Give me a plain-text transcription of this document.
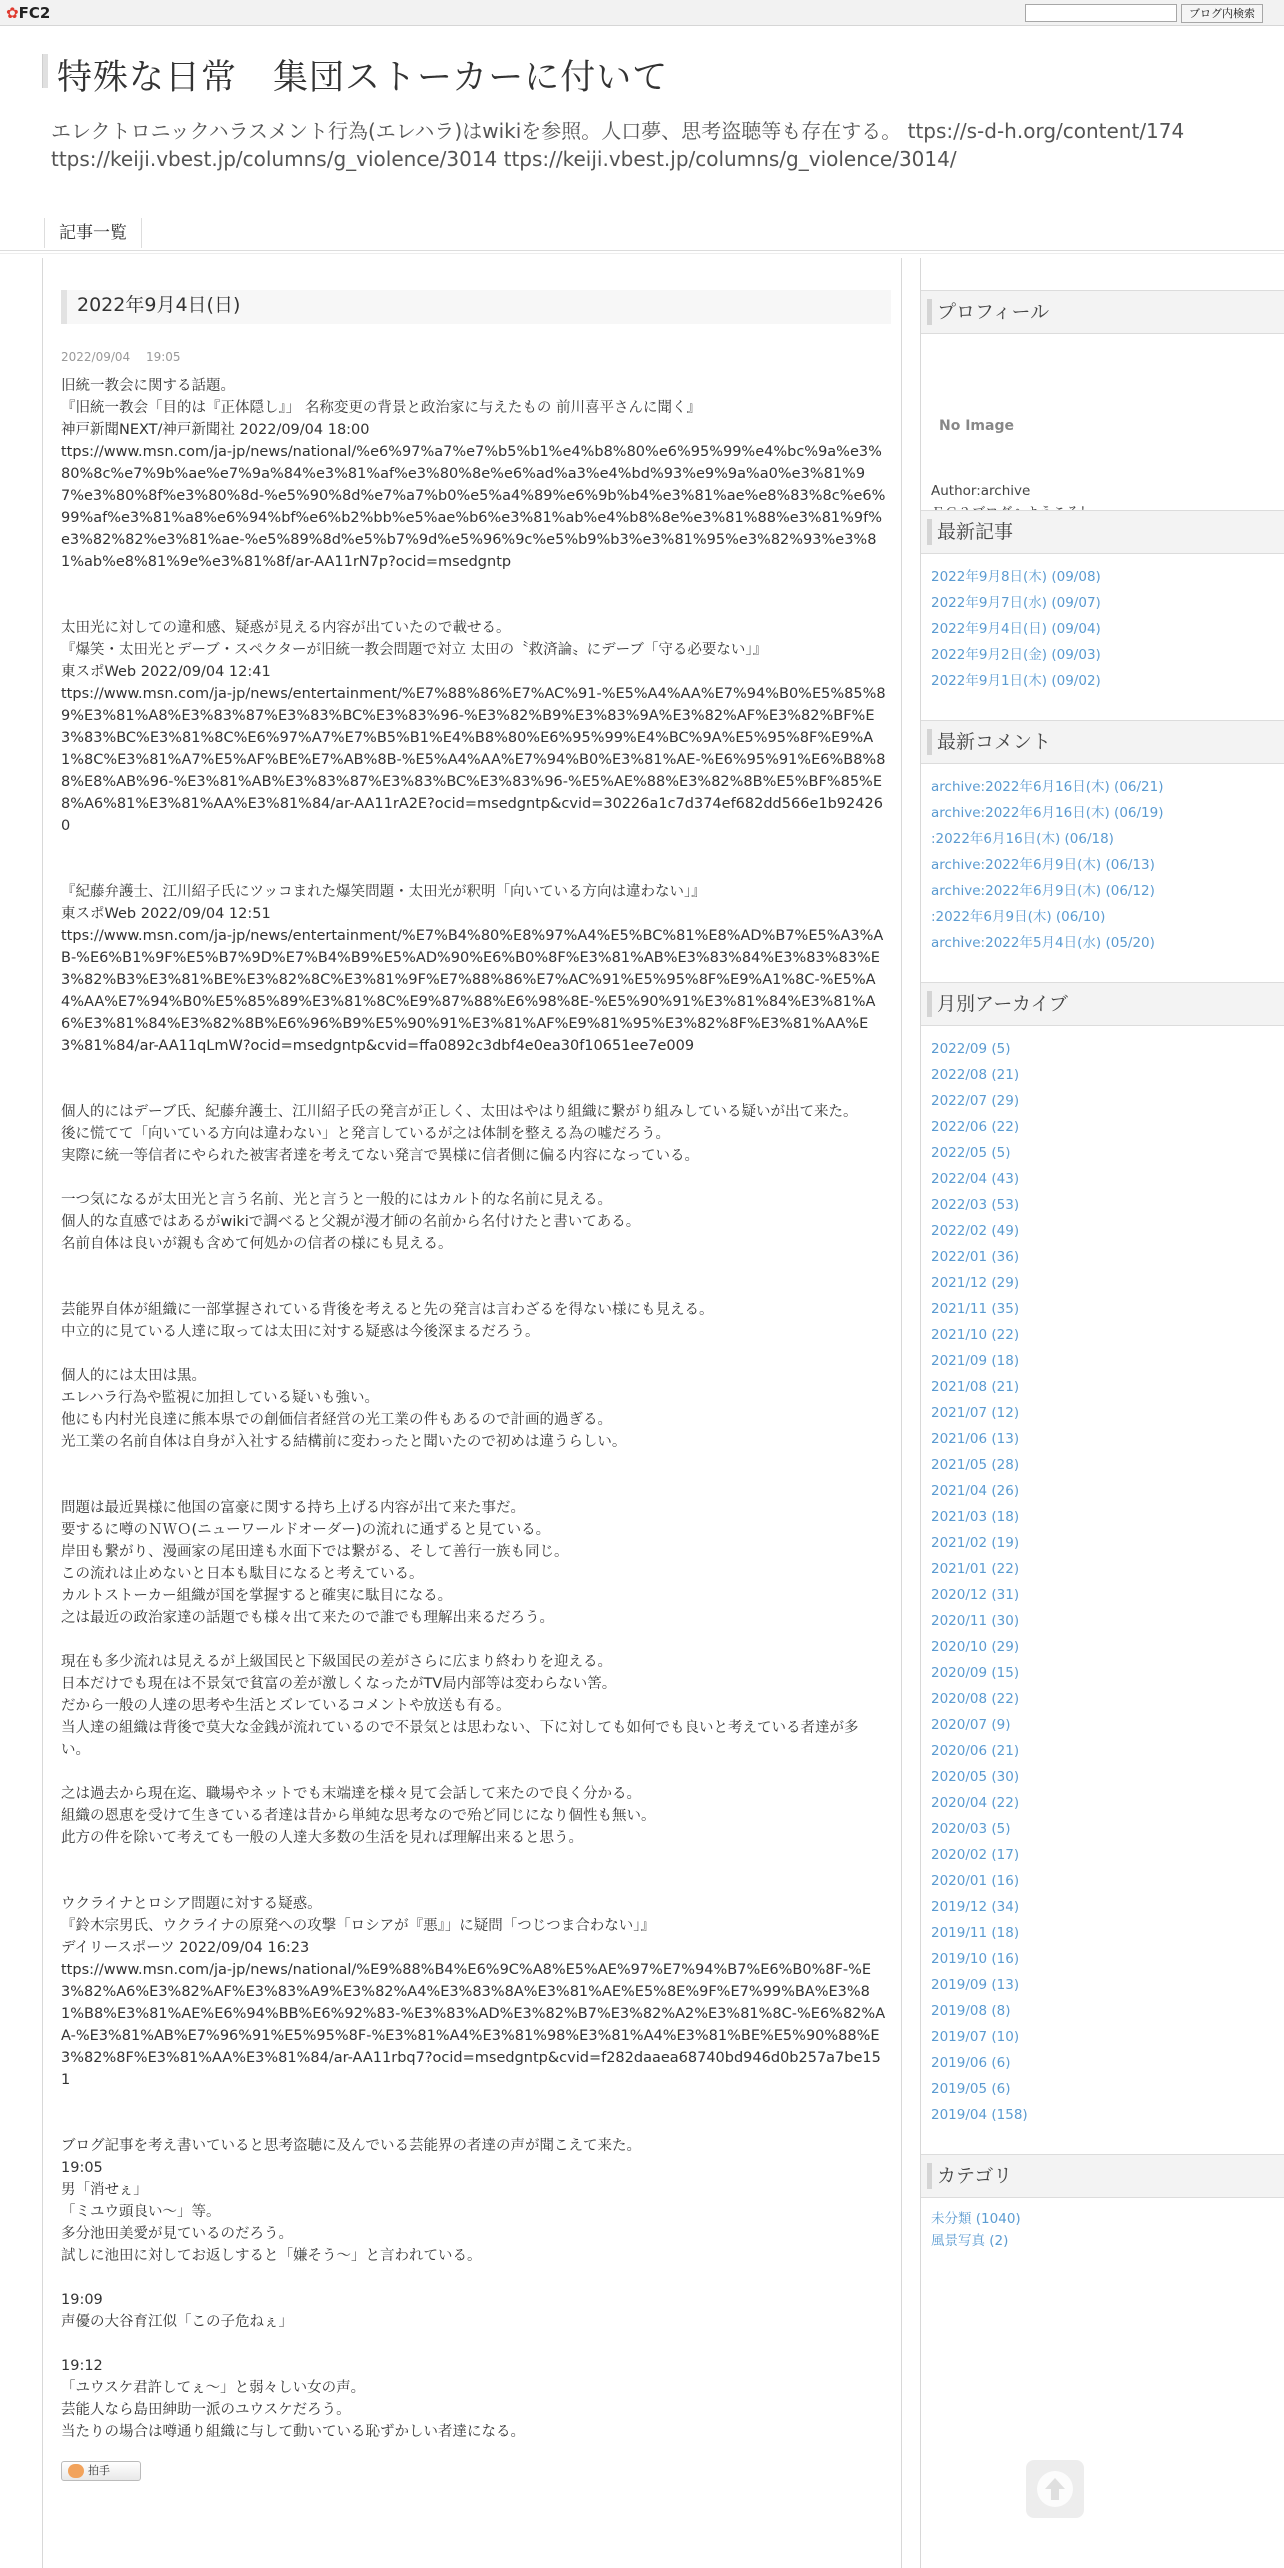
✿FC2	ブログ内検索
特殊な日常　集団ストーカーに付いて
エレクトロニックハラスメント行為(エレハラ)はwikiを参照。人口夢、思考盗聴等も存在する。 ttps://s-d-h.org/content/174
ttps://keiji.vbest.jp/columns/g_violence/3014 ttps://keiji.vbest.jp/columns/g_violence/3014/
記事一覧
2022年9月4日(日)
2022/09/04　 19:05

旧統一教会に関する話題。

『旧統一教会「目的は『正体隠し』」 名称変更の背景と政治家に与えたもの 前川喜平さんに聞く』

神戸新聞NEXT/神戸新聞社 2022/09/04 18:00

ttps://www.msn.com/ja-jp/news/national/%e6%97%a7%e7%b5%b1%e4%b8%80%e6%95%99%e4%bc%9a%e3%80%8c%e7%9b%ae%e7%9a%84%e3%81%af%e3%80%8e%e6%ad%a3%e4%bd%93%e9%9a%a0%e3%81%97%e3%80%8f%e3%80%8d-%e5%90%8d%e7%a7%b0%e5%a4%89%e6%9b%b4%e3%81%ae%e8%83%8c%e6%99%af%e3%81%a8%e6%94%bf%e6%b2%bb%e5%ae%b6%e3%81%ab%e4%b8%8e%e3%81%88%e3%81%9f%e3%82%82%e3%81%ae-%e5%89%8d%e5%b7%9d%e5%96%9c%e5%b9%b3%e3%81%95%e3%82%93%e3%81%ab%e8%81%9e%e3%81%8f/ar-AA11rN7p?ocid=msedgntp

太田光に対しての違和感、疑惑が見える内容が出ていたので載せる。

『爆笑・太田光とデーブ・スペクターが旧統一教会問題で対立 太田の〝救済論〟にデーブ「守る必要ない」』

東スポWeb 2022/09/04 12:41

ttps://www.msn.com/ja-jp/news/entertainment/%E7%88%86%E7%AC%91-%E5%A4%AA%E7%94%B0%E5%85%89%E3%81%A8%E3%83%87%E3%83%BC%E3%83%96-%E3%82%B9%E3%83%9A%E3%82%AF%E3%82%BF%E3%83%BC%E3%81%8C%E6%97%A7%E7%B5%B1%E4%B8%80%E6%95%99%E4%BC%9A%E5%95%8F%E9%A1%8C%E3%81%A7%E5%AF%BE%E7%AB%8B-%E5%A4%AA%E7%94%B0%E3%81%AE-%E6%95%91%E6%B8%88%E8%AB%96-%E3%81%AB%E3%83%87%E3%83%BC%E3%83%96-%E5%AE%88%E3%82%8B%E5%BF%85%E8%A6%81%E3%81%AA%E3%81%84/ar-AA11rA2E?ocid=msedgntp&cvid=30226a1c7d374ef682dd566e1b924260

『紀藤弁護士、江川紹子氏にツッコまれた爆笑問題・太田光が釈明「向いている方向は違わない」』

東スポWeb 2022/09/04 12:51

ttps://www.msn.com/ja-jp/news/entertainment/%E7%B4%80%E8%97%A4%E5%BC%81%E8%AD%B7%E5%A3%AB-%E6%B1%9F%E5%B7%9D%E7%B4%B9%E5%AD%90%E6%B0%8F%E3%81%AB%E3%83%84%E3%83%83%E3%82%B3%E3%81%BE%E3%82%8C%E3%81%9F%E7%88%86%E7%AC%91%E5%95%8F%E9%A1%8C-%E5%A4%AA%E7%94%B0%E5%85%89%E3%81%8C%E9%87%88%E6%98%8E-%E5%90%91%E3%81%84%E3%81%A6%E3%81%84%E3%82%8B%E6%96%B9%E5%90%91%E3%81%AF%E9%81%95%E3%82%8F%E3%81%AA%E3%81%84/ar-AA11qLmW?ocid=msedgntp&cvid=ffa0892c3dbf4e0ea30f10651ee7e009

個人的にはデーブ氏、紀藤弁護士、江川紹子氏の発言が正しく、太田はやはり組織に繋がり組みしている疑いが出て来た。

後に慌てて「向いている方向は違わない」と発言しているが之は体制を整える為の嘘だろう。

実際に統一等信者にやられた被害者達を考えてない発言で異様に信者側に偏る内容になっている。

一つ気になるが太田光と言う名前、光と言うと一般的にはカルト的な名前に見える。

個人的な直感ではあるがwikiで調べると父親が漫才師の名前から名付けたと書いてある。

名前自体は良いが親も含めて何処かの信者の様にも見える。

芸能界自体が組織に一部掌握されている背後を考えると先の発言は言わざるを得ない様にも見える。

中立的に見ている人達に取っては太田に対する疑惑は今後深まるだろう。

個人的には太田は黒。

エレハラ行為や監視に加担している疑いも強い。

他にも内村光良達に熊本県での創価信者経営の光工業の件もあるので計画的過ぎる。

光工業の名前自体は自身が入社する結構前に変わったと聞いたので初めは違うらしい。

問題は最近異様に他国の富豪に関する持ち上げる内容が出て来た事だ。

要するに噂のＮＷＯ(ニューワールドオーダー)の流れに通ずると見ている。

岸田も繋がり、漫画家の尾田達も水面下では繋がる、そして善行一族も同じ。

この流れは止めないと日本も駄目になると考えている。

カルトストーカー組織が国を掌握すると確実に駄目になる。

之は最近の政治家達の話題でも様々出て来たので誰でも理解出来るだろう。

現在も多少流れは見えるが上級国民と下級国民の差がさらに広まり終わりを迎える。

日本だけでも現在は不景気で貧富の差が激しくなったがTV局内部等は変わらない筈。

だから一般の人達の思考や生活とズレているコメントや放送も有る。

当人達の組織は背後で莫大な金銭が流れているので不景気とは思わない、下に対しても如何でも良いと考えている者達が多い。

之は過去から現在迄、職場やネットでも末端達を様々見て会話して来たので良く分かる。

組織の恩恵を受けて生きている者達は昔から単純な思考なので殆ど同じになり個性も無い。

此方の件を除いて考えても一般の人達大多数の生活を見れば理解出来ると思う。

ウクライナとロシア問題に対する疑惑。

『鈴木宗男氏、ウクライナの原発への攻撃「ロシアが『悪』」に疑問「つじつま合わない」』

デイリースポーツ 2022/09/04 16:23

ttps://www.msn.com/ja-jp/news/national/%E9%88%B4%E6%9C%A8%E5%AE%97%E7%94%B7%E6%B0%8F-%E3%82%A6%E3%82%AF%E3%83%A9%E3%82%A4%E3%83%8A%E3%81%AE%E5%8E%9F%E7%99%BA%E3%81%B8%E3%81%AE%E6%94%BB%E6%92%83-%E3%83%AD%E3%82%B7%E3%82%A2%E3%81%8C-%E6%82%AA-%E3%81%AB%E7%96%91%E5%95%8F-%E3%81%A4%E3%81%98%E3%81%A4%E3%81%BE%E5%90%88%E3%82%8F%E3%81%AA%E3%81%84/ar-AA11rbq7?ocid=msedgntp&cvid=f282daaea68740bd946d0b257a7be151

ブログ記事を考え書いていると思考盗聴に及んでいる芸能界の者達の声が聞こえて来た。

19:05

男「消せぇ」

「ミユウ頭良い～」等。

多分池田美愛が見ているのだろう。

試しに池田に対してお返しすると「嫌そう～」と言われている。

19:09

声優の大谷育江似「この子危ねぇ」

19:12

「ユウスケ君許してぇ～」と弱々しい女の声。

芸能人なら島田紳助一派のユウスケだろう。

当たりの場合は噂通り組織に与して動いている恥ずかしい者達になる。

拍手
プロフィール
No Image
Author:archive
最新記事
2022年9月8日(木) (09/08)
2022年9月7日(水) (09/07)
2022年9月4日(日) (09/04)
2022年9月2日(金) (09/03)
2022年9月1日(木) (09/02)
最新コメント
archive:2022年6月16日(木) (06/21)
archive:2022年6月16日(木) (06/19)
:2022年6月16日(木) (06/18)
archive:2022年6月9日(木) (06/13)
archive:2022年6月9日(木) (06/12)
:2022年6月9日(木) (06/10)
archive:2022年5月4日(水) (05/20)
月別アーカイブ
2022/09 (5)
2022/08 (21)
2022/07 (29)
2022/06 (22)
2022/05 (5)
2022/04 (43)
2022/03 (53)
2022/02 (49)
2022/01 (36)
2021/12 (29)
2021/11 (35)
2021/10 (22)
2021/09 (18)
2021/08 (21)
2021/07 (12)
2021/06 (13)
2021/05 (28)
2021/04 (26)
2021/03 (18)
2021/02 (19)
2021/01 (22)
2020/12 (31)
2020/11 (30)
2020/10 (29)
2020/09 (15)
2020/08 (22)
2020/07 (9)
2020/06 (21)
2020/05 (30)
2020/04 (22)
2020/03 (5)
2020/02 (17)
2020/01 (16)
2019/12 (34)
2019/11 (18)
2019/10 (16)
2019/09 (13)
2019/08 (8)
2019/07 (10)
2019/06 (6)
2019/05 (6)
2019/04 (158)
カテゴリ
未分類 (1040)
風景写真 (2)
